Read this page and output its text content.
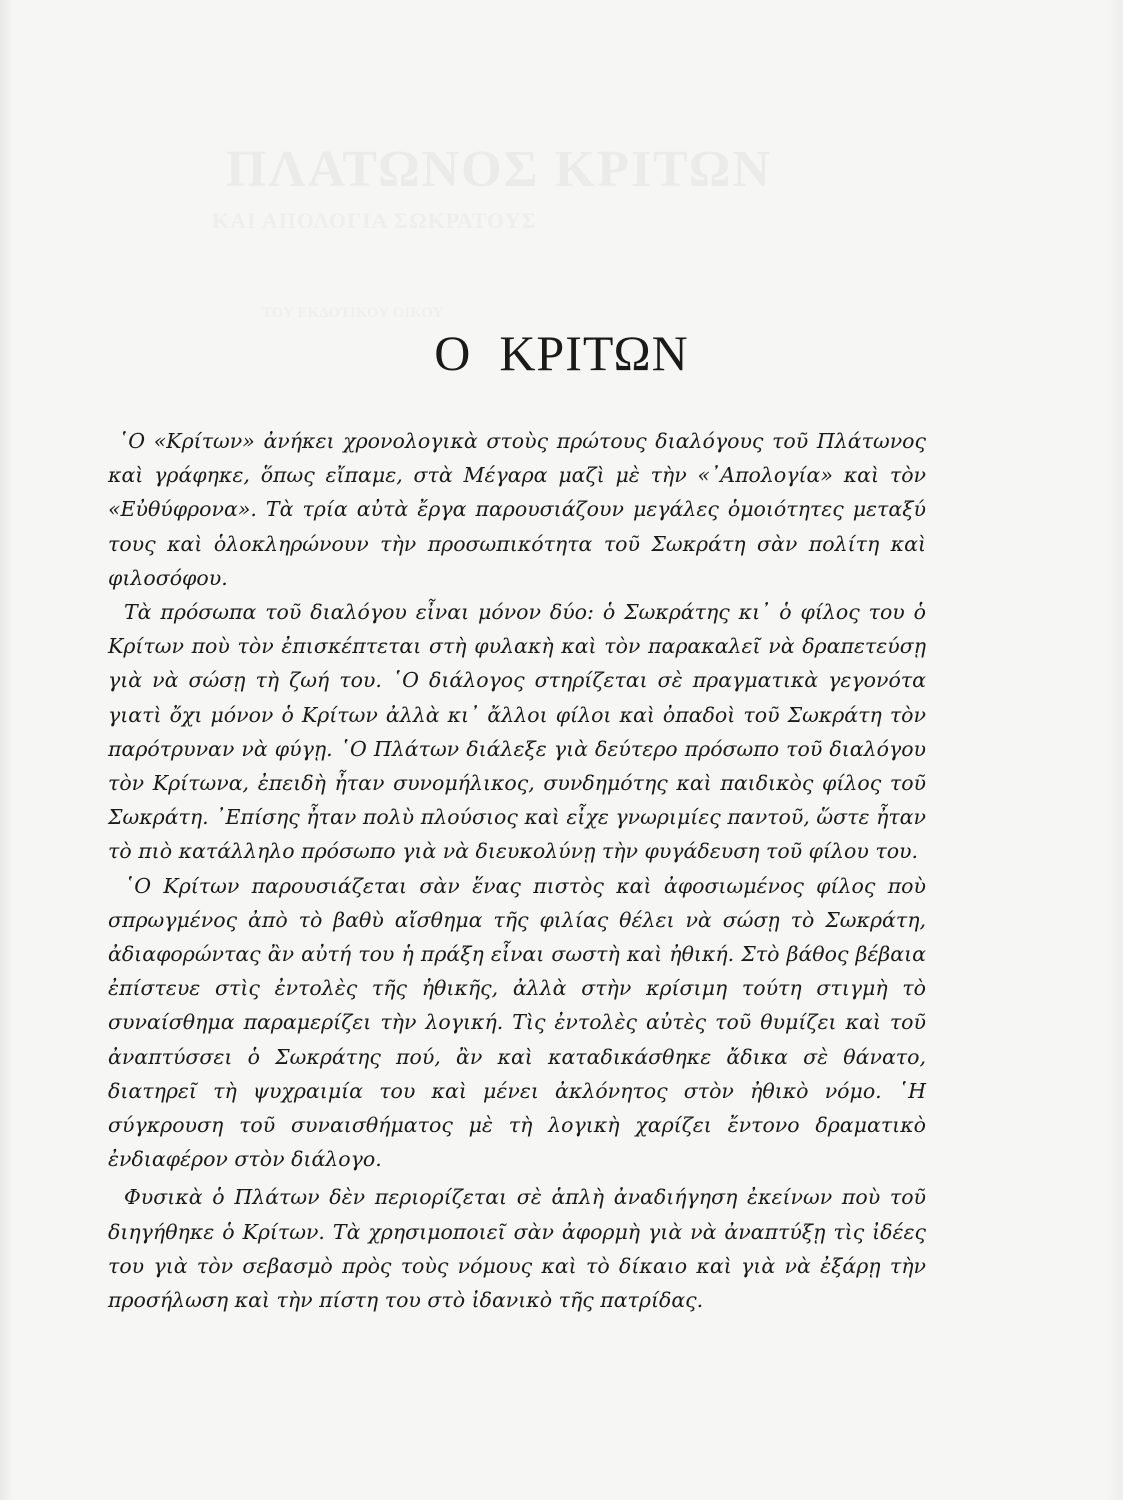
ΠΛΑΤΩΝΟΣ ΚΡΙΤΩΝ
ΚΑΙ ΑΠΟΛΟΓΙΑ ΣΩΚΡΑΤΟΥΣ
ΤΟΥ ΕΚΔΟΤΙΚΟΥ ΟΙΚΟΥ
Ο ΚΡΙΤΩΝ

῾Ο «Κρίτων» ἀνήκει χρονολογικὰ στοὺς πρώτους διαλόγους τοῦ Πλάτωνος καὶ γράφηκε, ὅπως εἴπαμε, στὰ Μέγαρα μαζὶ μὲ τὴν «᾿Απολογία» καὶ τὸν «Εὐθύφρονα». Τὰ τρία αὐτὰ ἔργα παρουσιάζουν μεγάλες ὁμοιότητες μεταξύ τους καὶ ὁλοκληρώνουν τὴν προσωπικότητα τοῦ Σωκράτη σὰν πολίτη καὶ φιλοσόφου.

Τὰ πρόσωπα τοῦ διαλόγου εἶναι μόνον δύο: ὁ Σωκράτης κι᾿ ὁ φίλος του ὁ Κρίτων ποὺ τὸν ἐπισκέπτεται στὴ φυλακὴ καὶ τὸν παρακαλεῖ νὰ δραπετεύσῃ γιὰ νὰ σώσῃ τὴ ζωή του. ῾Ο διάλογος στηρίζεται σὲ πραγματικὰ γεγονότα γιατὶ ὄχι μόνον ὁ Κρίτων ἀλλὰ κι᾿ ἄλλοι φίλοι καὶ ὀπαδοὶ τοῦ Σωκράτη τὸν παρότρυναν νὰ φύγῃ. ῾Ο Πλάτων διάλεξε γιὰ δεύτερο πρόσωπο τοῦ διαλόγου τὸν Κρίτωνα, ἐπειδὴ ἦταν συνομήλικος, συνδημότης καὶ παιδικὸς φίλος τοῦ Σωκράτη. ᾿Επίσης ἦταν πολὺ πλούσιος καὶ εἶχε γνωριμίες παντοῦ, ὥστε ἦταν τὸ πιὸ κατάλληλο πρόσωπο γιὰ νὰ διευκολύνῃ τὴν φυγάδευση τοῦ φίλου του.

῾Ο Κρίτων παρουσιάζεται σὰν ἕνας πιστὸς καὶ ἀφοσιωμένος φίλος ποὺ σπρωγμένος ἀπὸ τὸ βαθὺ αἴσθημα τῆς φιλίας θέλει νὰ σώσῃ τὸ Σωκράτη, ἀδιαφορώντας ἂν αὐτή του ἡ πράξη εἶναι σωστὴ καὶ ἠθική. Στὸ βάθος βέβαια ἐπίστευε στὶς ἐντολὲς τῆς ἠθικῆς, ἀλλὰ στὴν κρίσιμη τούτη στιγμὴ τὸ συναίσθημα παραμερίζει τὴν λογική. Τὶς ἐντολὲς αὐτὲς τοῦ θυμίζει καὶ τοῦ ἀναπτύσσει ὁ Σωκράτης πού, ἂν καὶ καταδικάσθηκε ἄδικα σὲ θάνατο, διατηρεῖ τὴ ψυχραιμία του καὶ μένει ἀκλόνητος στὸν ἠθικὸ νόμο. ῾Η σύγκρουση τοῦ συναισθήματος μὲ τὴ λογικὴ χαρίζει ἔντονο δραματικὸ ἐνδιαφέρον στὸν διάλογο.

Φυσικὰ ὁ Πλάτων δὲν περιορίζεται σὲ ἁπλὴ ἀναδιήγηση ἐκείνων ποὺ τοῦ διηγήθηκε ὁ Κρίτων. Τὰ χρησιμοποιεῖ σὰν ἀφορμὴ γιὰ νὰ ἀναπτύξῃ τὶς ἰδέες του γιὰ τὸν σεβασμὸ πρὸς τοὺς νόμους καὶ τὸ δίκαιο καὶ γιὰ νὰ ἐξάρῃ τὴν προσήλωση καὶ τὴν πίστη του στὸ ἰδανικὸ τῆς πατρίδας.
